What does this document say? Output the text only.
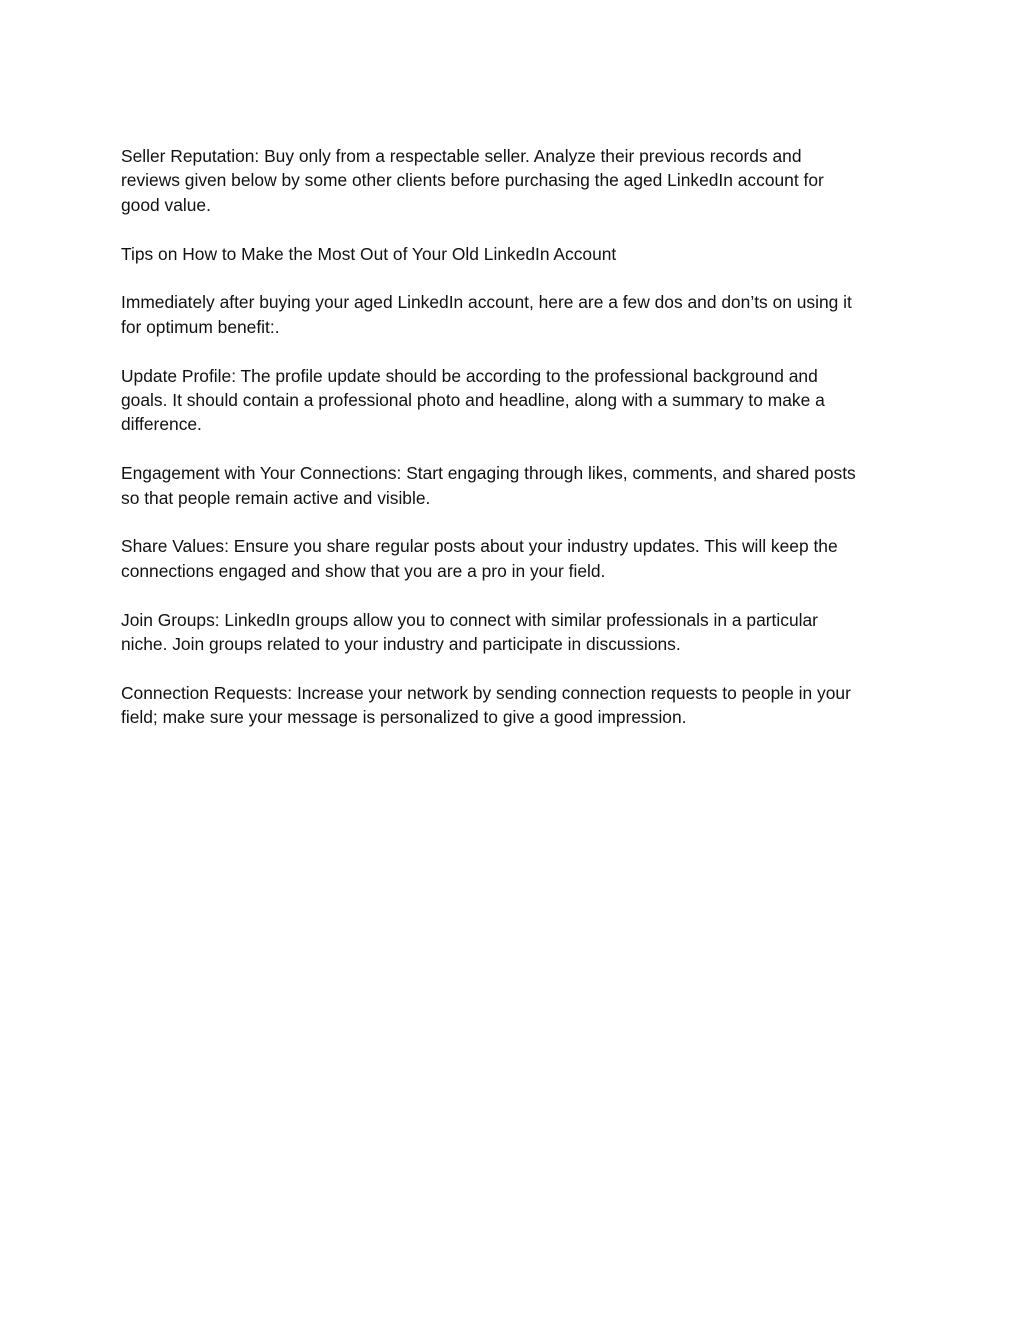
Seller Reputation: Buy only from a respectable seller. Analyze their previous records and
reviews given below by some other clients before purchasing the aged LinkedIn account for
good value.

Tips on How to Make the Most Out of Your Old LinkedIn Account

Immediately after buying your aged LinkedIn account, here are a few dos and don’ts on using it
for optimum benefit:.

Update Profile: The profile update should be according to the professional background and
goals. It should contain a professional photo and headline, along with a summary to make a
difference.

Engagement with Your Connections: Start engaging through likes, comments, and shared posts
so that people remain active and visible.

Share Values: Ensure you share regular posts about your industry updates. This will keep the
connections engaged and show that you are a pro in your field.

Join Groups: LinkedIn groups allow you to connect with similar professionals in a particular
niche. Join groups related to your industry and participate in discussions.

Connection Requests: Increase your network by sending connection requests to people in your
field; make sure your message is personalized to give a good impression.
